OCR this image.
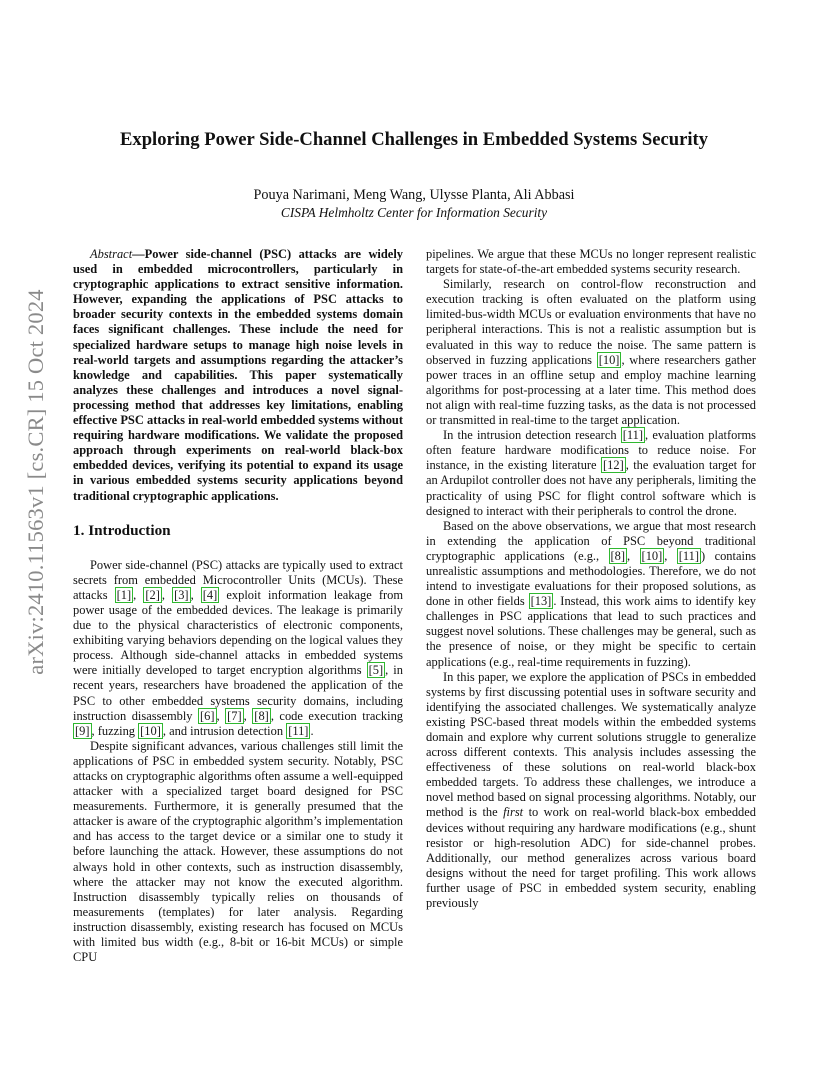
arXiv:2410.11563v1 [cs.CR] 15 Oct 2024
Exploring Power Side-Channel Challenges in Embedded Systems Security
Pouya Narimani, Meng Wang, Ulysse Planta, Ali Abbasi
CISPA Helmholtz Center for Information Security

Abstract—Power side-channel (PSC) attacks are widely used in embedded microcontrollers, particularly in cryptographic applications to extract sensitive information. However, expanding the applications of PSC attacks to broader security contexts in the embedded systems domain faces significant challenges. These include the need for specialized hardware setups to manage high noise levels in real-world targets and assumptions regarding the attacker’s knowledge and capabilities. This paper systematically analyzes these challenges and introduces a novel signal-processing method that addresses key limitations, enabling effective PSC attacks in real-world embedded systems without requiring hardware modifications. We validate the proposed approach through experiments on real-world black-box embedded devices, verifying its potential to expand its usage in various embedded systems security applications beyond traditional cryptographic applications.

1. Introduction

Power side-channel (PSC) attacks are typically used to extract secrets from embedded Microcontroller Units (MCUs). These attacks [1] , [2] , [3] , [4] exploit information leakage from power usage of the embedded devices. The leakage is primarily due to the physical characteristics of electronic components, exhibiting varying behaviors depending on the logical values they process. Although side-channel attacks in embedded systems were initially developed to target encryption algorithms [5] , in recent years, researchers have broadened the application of the PSC to other embedded systems security domains, including instruction disassembly [6] , [7] , [8] , code execution tracking [9] , fuzzing [10] , and intrusion detection [11] .

Despite significant advances, various challenges still limit the applications of PSC in embedded system security. Notably, PSC attacks on cryptographic algorithms often assume a well-equipped attacker with a specialized target board designed for PSC measurements. Furthermore, it is generally presumed that the attacker is aware of the cryptographic algorithm’s implementation and has access to the target device or a similar one to study it before launching the attack. However, these assumptions do not always hold in other contexts, such as instruction disassembly, where the attacker may not know the executed algorithm. Instruction disassembly typically relies on thousands of measurements (templates) for later analysis. Regarding instruction disassembly, existing research has focused on MCUs with limited bus width (e.g., 8-bit or 16-bit MCUs) or simple CPU

pipelines. We argue that these MCUs no longer represent realistic targets for state-of-the-art embedded systems security research.

Similarly, research on control-flow reconstruction and execution tracking is often evaluated on the platform using limited-bus-width MCUs or evaluation environments that have no peripheral interactions. This is not a realistic assumption but is evaluated in this way to reduce the noise. The same pattern is observed in fuzzing applications [10] , where researchers gather power traces in an offline setup and employ machine learning algorithms for post-processing at a later time. This method does not align with real-time fuzzing tasks, as the data is not processed or transmitted in real-time to the target application.

In the intrusion detection research [11] , evaluation platforms often feature hardware modifications to reduce noise. For instance, in the existing literature [12] , the evaluation target for an Ardupilot controller does not have any peripherals, limiting the practicality of using PSC for flight control software which is designed to interact with their peripherals to control the drone.

Based on the above observations, we argue that most research in extending the application of PSC beyond traditional cryptographic applications (e.g., [8] , [10] , [11] ) contains unrealistic assumptions and methodologies. Therefore, we do not intend to investigate evaluations for their proposed solutions, as done in other fields [13] . Instead, this work aims to identify key challenges in PSC applications that lead to such practices and suggest novel solutions. These challenges may be general, such as the presence of noise, or they might be specific to certain applications (e.g., real-time requirements in fuzzing).

In this paper, we explore the application of PSCs in embedded systems by first discussing potential uses in software security and identifying the associated challenges. We systematically analyze existing PSC-based threat models within the embedded systems domain and explore why current solutions struggle to generalize across different contexts. This analysis includes assessing the effectiveness of these solutions on real-world black-box embedded targets. To address these challenges, we introduce a novel method based on signal processing algorithms. Notably, our method is the first to work on real-world black-box embedded devices without requiring any hardware modifications (e.g., shunt resistor or high-resolution ADC) for side-channel probes. Additionally, our method generalizes across various board designs without the need for target profiling. This work allows further usage of PSC in embedded system security, enabling previously
